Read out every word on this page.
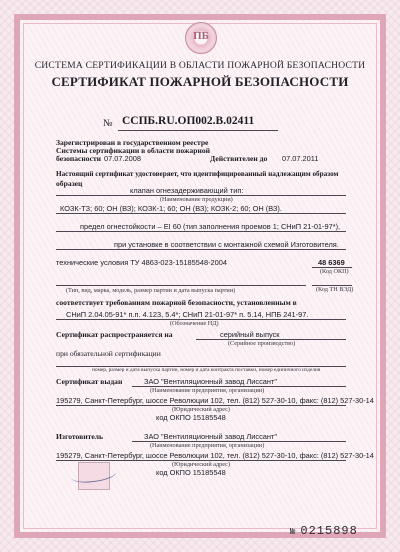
ПБ
СИСТЕМА СЕРТИФИКАЦИИ В ОБЛАСТИ ПОЖАРНОЙ БЕЗОПАСНОСТИ
СЕРТИФИКАТ ПОЖАРНОЙ БЕЗОПАСНОСТИ
№ ССПБ.RU.ОП002.В.02411
Зарегистрирован в государственном реестре
Системы сертификации в области пожарной
безопасности 07.07.2008	Действителен до 07.07.2011
Настоящий сертификат удостоверяет, что идентифицированный надлежащим образом
образец
клапан огнезадерживающий тип:
(Наименование продукции)
КОЗК-ТЗ; 60; ОН (ВЗ); КОЗК-1; 60; ОН (ВЗ); КОЗК-2; 60; ОН (ВЗ).
предел огнестойкости – EI 60 (тип заполнения проемов 1; СНиП 21-01-97*),
при установке в соответствии с монтажной схемой Изготовителя.
технические условия ТУ 4863-023-15185548-2004	48 6369
(Код ОКП)
(Код ТН ВЭД)
(Тип, вид, марка, модель, размер партии и дата выпуска партии)
соответствует требованиям пожарной безопасности, установленным в
СНиП 2.04.05-91* п.п. 4.123, 5.4*; СНиП 21-01-97* п. 5.14, НПБ 241-97.
(Обозначение НД)
Сертификат распространяется на	серийный выпуск
(Серийное производство)
при обязательной сертификации
номер, размер и дата выпуска партии, номер и дата контракта поставки, номер единичного изделия
Сертификат выдан	ЗАО "Вентиляционный завод Лиссант"
(Наименование предприятия, организации)
195279, Санкт-Петербург, шоссе Революции 102, тел. (812) 527-30-10, факс: (812) 527-30-14
(Юридический адрес)
код ОКПО 15185548
Изготовитель	ЗАО "Вентиляционный завод Лиссант"
(Наименование предприятия, организации)
195279, Санкт-Петербург, шоссе Революции 102, тел. (812) 527-30-10, факс: (812) 527-30-14
(Юридический адрес)
код ОКПО 15185548
№ 0215898
